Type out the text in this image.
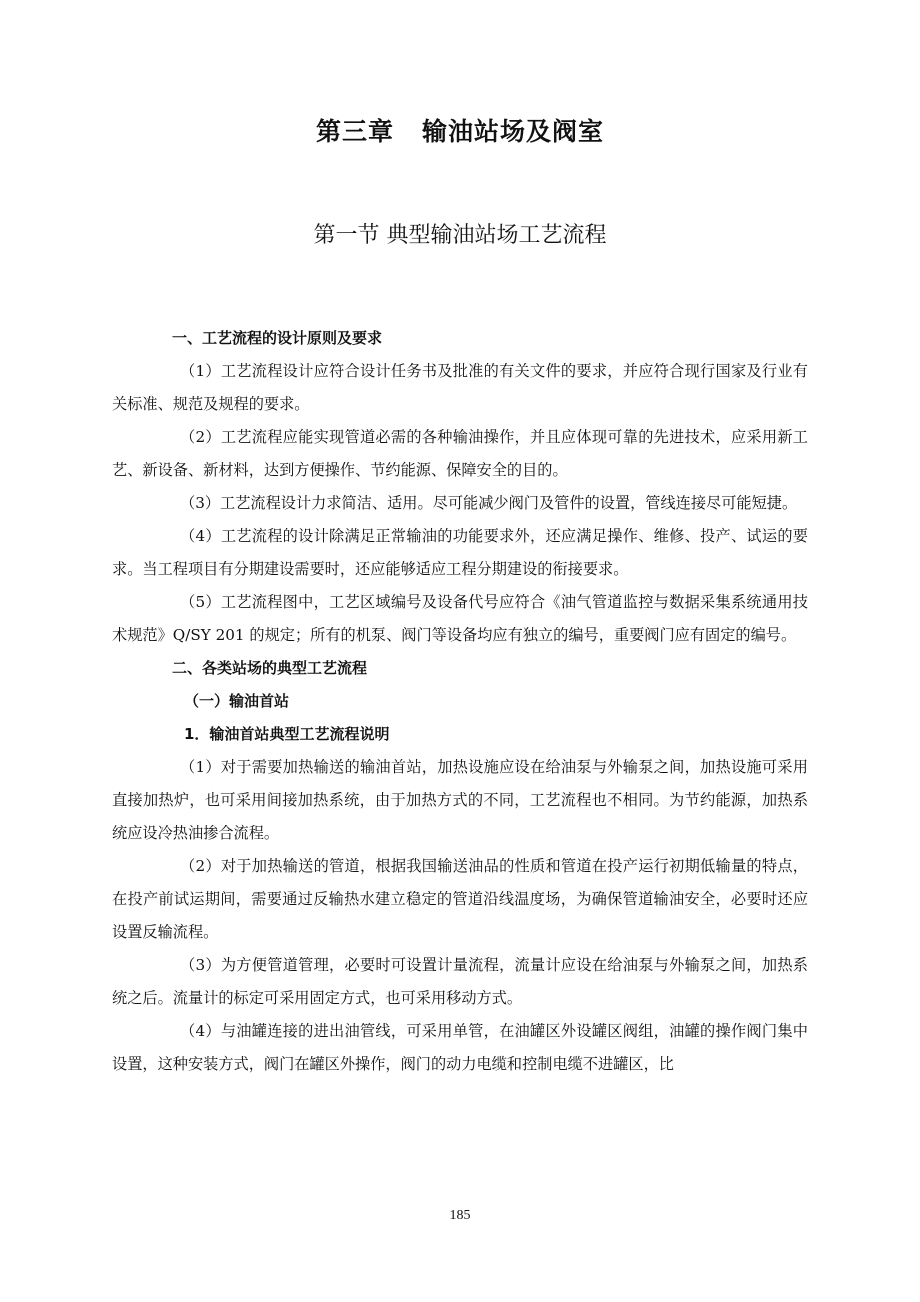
第三章 输油站场及阀室
第一节 典型输油站场工艺流程
一、工艺流程的设计原则及要求

（1）工艺流程设计应符合设计任务书及批准的有关文件的要求，并应符合现行国家及行业有关标准、规范及规程的要求。

（2）工艺流程应能实现管道必需的各种输油操作，并且应体现可靠的先进技术，应采用新工艺、新设备、新材料，达到方便操作、节约能源、保障安全的目的。

（3）工艺流程设计力求简洁、适用。尽可能减少阀门及管件的设置，管线连接尽可能短捷。

（4）工艺流程的设计除满足正常输油的功能要求外，还应满足操作、维修、投产、试运的要求。当工程项目有分期建设需要时，还应能够适应工程分期建设的衔接要求。

（5）工艺流程图中，工艺区域编号及设备代号应符合《油气管道监控与数据采集系统通用技术规范》Q/SY 201 的规定；所有的机泵、阀门等设备均应有独立的编号，重要阀门应有固定的编号。

二、各类站场的典型工艺流程
（一）输油首站
1．输油首站典型工艺流程说明

（1）对于需要加热输送的输油首站，加热设施应设在给油泵与外输泵之间，加热设施可采用直接加热炉，也可采用间接加热系统，由于加热方式的不同，工艺流程也不相同。为节约能源，加热系统应设冷热油掺合流程。

（2）对于加热输送的管道，根据我国输送油品的性质和管道在投产运行初期低输量的特点，在投产前试运期间，需要通过反输热水建立稳定的管道沿线温度场，为确保管道输油安全，必要时还应设置反输流程。

（3）为方便管道管理，必要时可设置计量流程，流量计应设在给油泵与外输泵之间，加热系统之后。流量计的标定可采用固定方式，也可采用移动方式。

（4）与油罐连接的进出油管线，可采用单管，在油罐区外设罐区阀组，油罐的操作阀门集中设置，这种安装方式，阀门在罐区外操作，阀门的动力电缆和控制电缆不进罐区，比

185
